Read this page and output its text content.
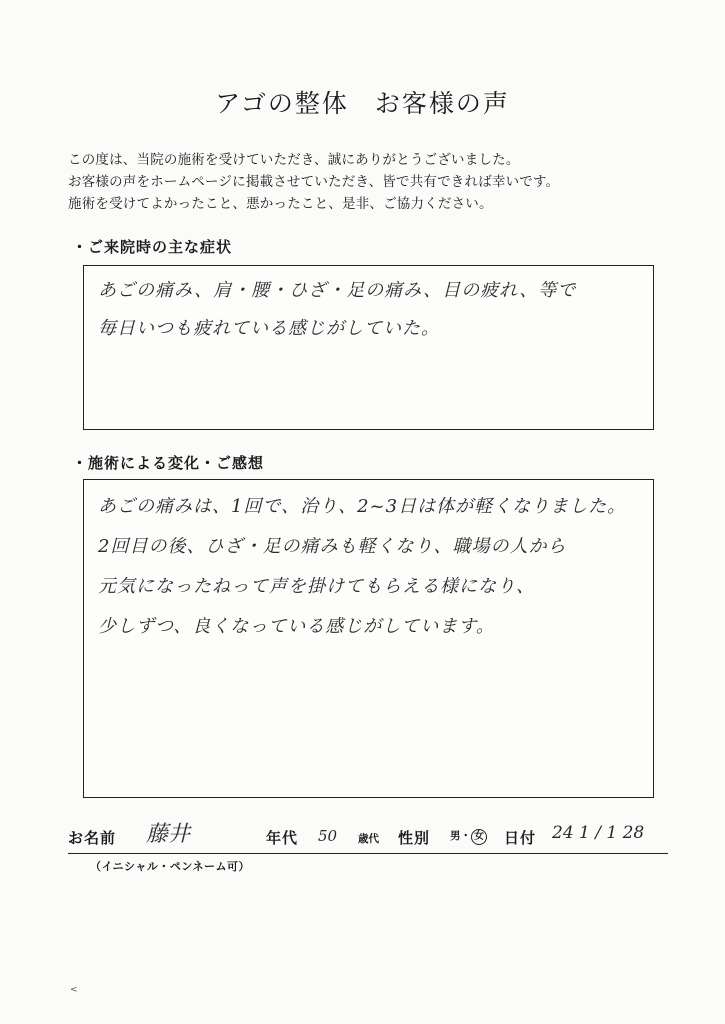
アゴの整体 お客様の声
この度は、当院の施術を受けていただき、誠にありがとうございました。
お客様の声をホームページに掲載させていただき、皆で共有できれば幸いです。
施術を受けてよかったこと、悪かったこと、是非、ご協力ください。
・ご来院時の主な症状
あごの痛み、肩・腰・ひざ・足の痛み、目の疲れ、等で
毎日いつも疲れている感じがしていた。
・施術による変化・ご感想
あごの痛みは、1回で、治り、2~3日は体が軽くなりました。
2回目の後、ひざ・足の痛みも軽くなり、職場の人から
元気になったねって声を掛けてもらえる様になり、
少しずつ、良くなっている感じがしています。
お名前 藤井	年代 50 歳代 性別 男・ 女 日付 24 1 / 1 28
（イニシャル・ペンネーム可）
<
